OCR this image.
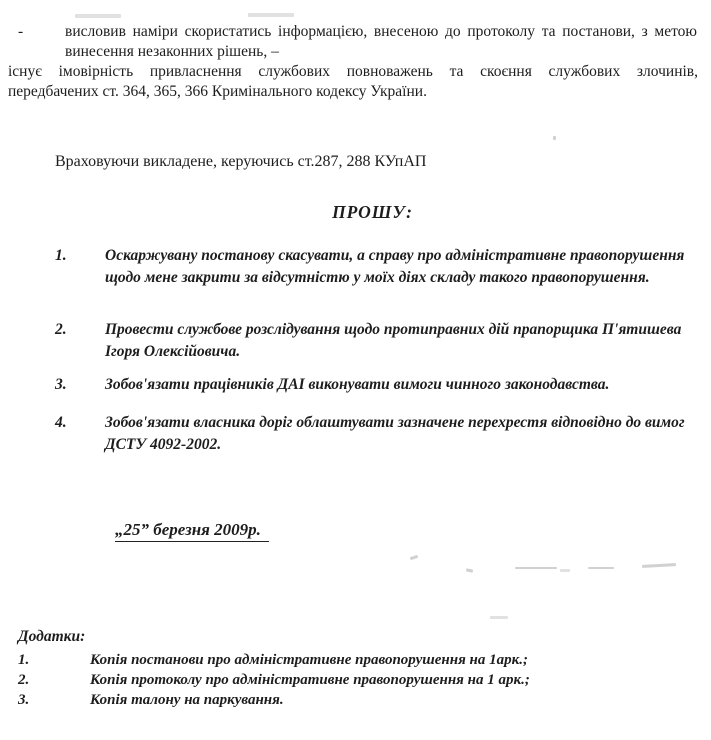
-	висловив наміри скористатись інформацією, внесеною до протоколу та постанови, з метою
винесення незаконних рішень, –
існує імовірність привласнення службових повноважень та скоєння службових злочинів,
передбачених ст. 364, 365, 366 Кримінального кодексу України.
Враховуючи викладене, керуючись ст.287, 288 КУпАП
ПРОШУ:
1.	Оскаржувану постанову скасувати, а справу про адміністративне правопорушення щодо мене закрити за відсутністю у моїх діях складу такого правопорушення.
2.	Провести службове розслідування щодо протиправних дій прапорщика П'ятишева Ігоря Олексійовича.
3.	Зобов'язати працівників ДАІ виконувати вимоги чинного законодавства.
4.	Зобов'язати власника доріг облаштувати зазначене перехрестя відповідно до вимог ДСТУ 4092-2002.
„25” березня 2009р.
Додатки:
1.	Копія постанови про адміністративне правопорушення на 1арк.;
2.	Копія протоколу про адміністративне правопорушення на 1 арк.;
3.	Копія талону на паркування.
